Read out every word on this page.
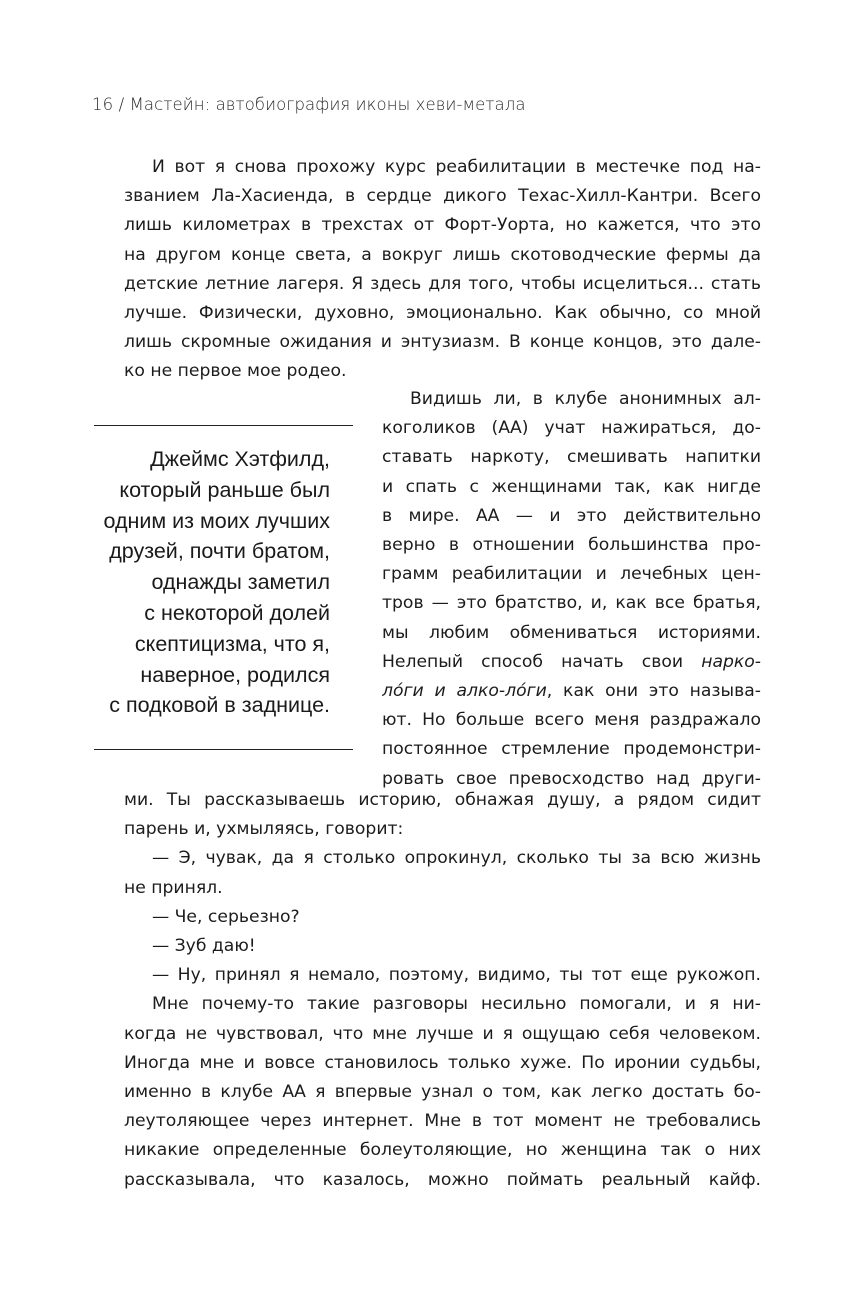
16 / Мастейн: автобиография иконы хеви-метала
И вот я снова прохожу курс реабилитации в местечке под на-
званием Ла-Хасиенда, в сердце дикого Техас-Хилл-Кантри. Всего
лишь километрах в трехстах от Форт-Уорта, но кажется, что это
на другом конце света, а вокруг лишь скотоводческие фермы да
детские летние лагеря. Я здесь для того, чтобы исцелиться... стать
лучше. Физически, духовно, эмоционально. Как обычно, со мной
лишь скромные ожидания и энтузиазм. В конце концов, это дале-
ко не первое мое родео.
Джеймс Хэтфилд,
который раньше был
одним из моих лучших
друзей, почти братом,
однажды заметил
с некоторой долей
скептицизма, что я,
наверное, родился
с подковой в заднице.
Видишь ли, в клубе анонимных ал-
коголиков (АА) учат нажираться, до-
ставать наркоту, смешивать напитки
и спать с женщинами так, как нигде
в мире. АА — и это действительно
верно в отношении большинства про-
грамм реабилитации и лечебных цен-
тров — это братство, и, как все братья,
мы любим обмениваться историями.
Нелепый способ начать свои нарко-
ло́ги и алко-ло́ги, как они это называ-
ют. Но больше всего меня раздражало
постоянное стремление продемонстри-
ровать свое превосходство над други-
ми. Ты рассказываешь историю, обнажая душу, а рядом сидит
парень и, ухмыляясь, говорит:
— Э, чувак, да я столько опрокинул, сколько ты за всю жизнь
не принял.
— Че, серьезно?
— Зуб даю!
— Ну, принял я немало, поэтому, видимо, ты тот еще рукожоп.
Мне почему-то такие разговоры несильно помогали, и я ни-
когда не чувствовал, что мне лучше и я ощущаю себя человеком.
Иногда мне и вовсе становилось только хуже. По иронии судьбы,
именно в клубе АА я впервые узнал о том, как легко достать бо-
леутоляющее через интернет. Мне в тот момент не требовались
никакие определенные болеутоляющие, но женщина так о них
рассказывала, что казалось, можно поймать реальный кайф.
